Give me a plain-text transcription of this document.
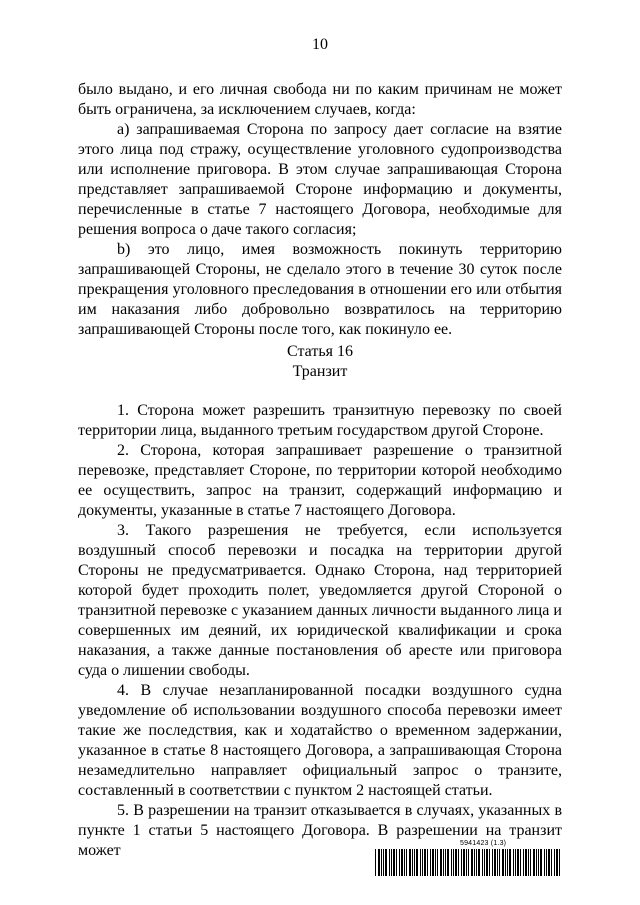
10

было выдано, и его личная свобода ни по каким причинам не может быть ограничена, за исключением случаев, когда:

a) запрашиваемая Сторона по запросу дает согласие на взятие этого лица под стражу, осуществление уголовного судопроизводства или исполнение приговора. В этом случае запрашивающая Сторона представляет запрашиваемой Стороне информацию и документы, перечисленные в статье 7 настоящего Договора, необходимые для решения вопроса о даче такого согласия;

b) это лицо, имея возможность покинуть территорию запрашивающей Стороны, не сделало этого в течение 30 суток после прекращения уголовного преследования в отношении его или отбытия им наказания либо добровольно возвратилось на территорию запрашивающей Стороны после того, как покинуло ее.

Статья 16
Транзит

1. Сторона может разрешить транзитную перевозку по своей территории лица, выданного третьим государством другой Стороне.

2. Сторона, которая запрашивает разрешение о транзитной перевозке, представляет Стороне, по территории которой необходимо ее осуществить, запрос на транзит, содержащий информацию и документы, указанные в статье 7 настоящего Договора.

3. Такого разрешения не требуется, если используется воздушный способ перевозки и посадка на территории другой Стороны не предусматривается. Однако Сторона, над территорией которой будет проходить полет, уведомляется другой Стороной о транзитной перевозке с указанием данных личности выданного лица и совершенных им деяний, их юридической квалификации и срока наказания, а также данные постановления об аресте или приговора суда о лишении свободы.

4. В случае незапланированной посадки воздушного судна уведомление об использовании воздушного способа перевозки имеет такие же последствия, как и ходатайство о временном задержании, указанное в статье 8 настоящего Договора, а запрашивающая Сторона незамедлительно направляет официальный запрос о транзите, составленный в соответствии с пунктом 2 настоящей статьи.

5. В разрешении на транзит отказывается в случаях, указанных в пункте 1 статьи 5 настоящего Договора. В разрешении на транзит может	5941423 (1.3)
